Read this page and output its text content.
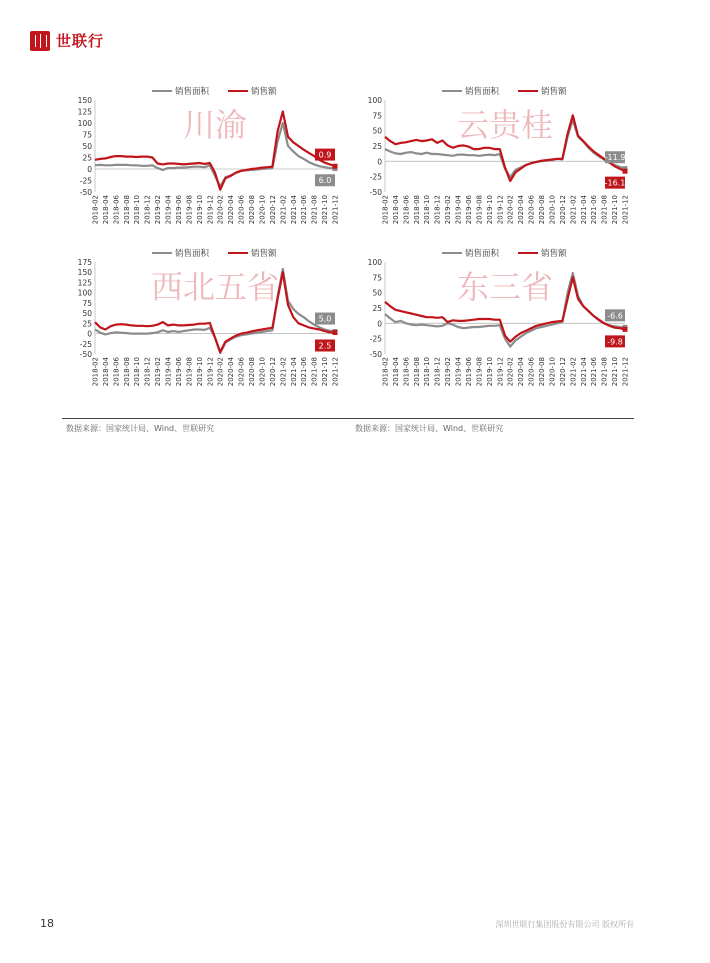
世联行
川渝
销售面积	销售额
150
125
100
75
50
25
0
-25
-50
2018-02 2018-04 2018-06 2018-08 2018-10 2018-12 2019-02 2019-04 2019-06 2019-08 2019-10 2019-12 2020-02 2020-04 2020-06 2020-08 2020-10 2020-12 2021-02 2021-04 2021-06 2021-08 2021-10 2021-12
0.9
6.0
云贵桂
销售面积	销售额
100
75
50
25
0
-25
-50
2018-02 2018-04 2018-06 2018-08 2018-10 2018-12 2019-02 2019-04 2019-06 2019-08 2019-10 2019-12 2020-02 2020-04 2020-06 2020-08 2020-10 2020-12 2021-02 2021-04 2021-06 2021-08 2021-10 2021-12
-11.9
-16.1
西北五省
销售面积	销售额
175
150
125
100
75
50
25
0
-25
-50
2018-02 2018-04 2018-06 2018-08 2018-10 2018-12 2019-02 2019-04 2019-06 2019-08 2019-10 2019-12 2020-02 2020-04 2020-06 2020-08 2020-10 2020-12 2021-02 2021-04 2021-06 2021-08 2021-10 2021-12
5.0
2.5
东三省
销售面积	销售额
100
75
50
25
0
-25
-50
2018-02 2018-04 2018-06 2018-08 2018-10 2018-12 2019-02 2019-04 2019-06 2019-08 2019-10 2019-12 2020-02 2020-04 2020-06 2020-08 2020-10 2020-12 2021-02 2021-04 2021-06 2021-08 2021-10 2021-12
-6.6
-9.8
数据来源：国家统计局、Wind、世联研究	数据来源：国家统计局、Wind、世联研究
18	深圳世联行集团股份有限公司 版权所有
